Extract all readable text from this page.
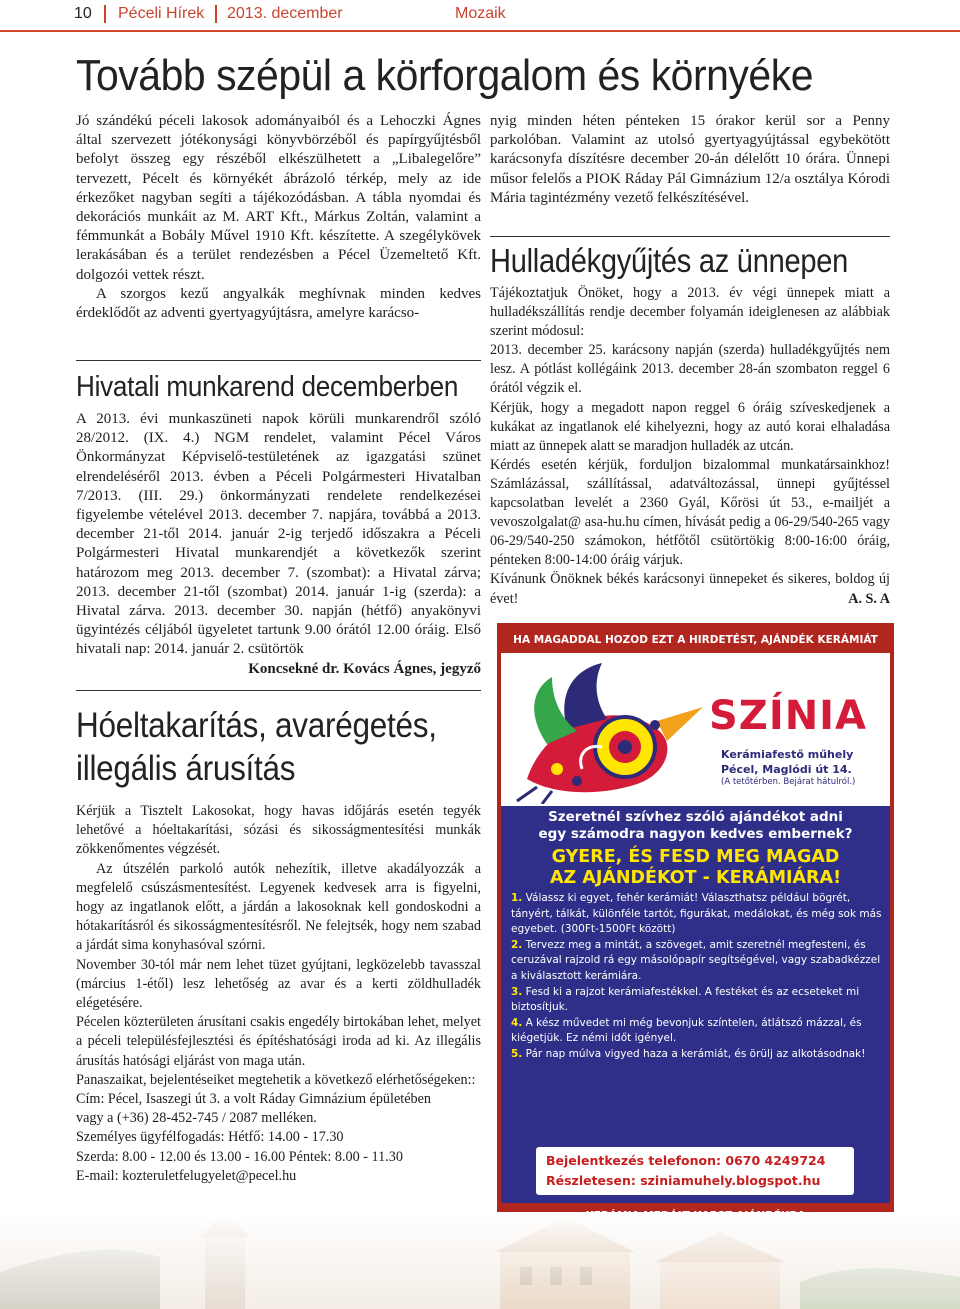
10 Péceli Hírek 2013. december	Mozaik
Tovább szépül a körforgalom és környéke

Jó szándékú péceli lakosok adományaiból és a Lehoczki Ágnes által szervezett jótékonysági könyvbörzéből és papírgyűjtésből befolyt összeg egy részéből elkészülhetett a „Libalegelőre” tervezett, Pécelt és környékét ábrázoló térkép, mely az ide érkezőket nagyban segíti a tájékozódásban. A tábla nyomdai és dekorációs munkáit az M. ART Kft., Márkus Zoltán, valamint a fémmunkát a Bobály Művel 1910 Kft. készítette. A szegélykövek lerakásában és a terület rendezésben a Pécel Üzemeltető Kft. dolgozói vettek részt.

A szorgos kezű angyalkák meghívnak minden kedves érdeklődőt az adventi gyertyagyújtásra, amelyre karácso-

nyig minden héten pénteken 15 órakor kerül sor a Penny parkolóban. Valamint az utolsó gyertyagyújtással egybekötött karácsonyfa díszítésre december 20-án délelőtt 10 órára. Ünnepi műsor felelős a PIOK Ráday Pál Gimnázium 12/a osztálya Kórodi Mária tagintézmény vezető felkészítésével.

Hivatali munkarend decemberben

A 2013. évi munkaszüneti napok körüli munkarendről szóló 28/2012. (IX. 4.) NGM rendelet, valamint Pécel Város Önkormányzat Képviselő-testületének az igazgatási szünet elrendeléséről 2013. évben a Péceli Polgármesteri Hivatalban 7/2013. (III. 29.) önkormányzati rendelete rendelkezései figyelembe vételével 2013. december 7. napjára, továbbá a 2013. december 21-től 2014. január 2-ig terjedő időszakra a Péceli Polgármesteri Hivatal munkarendjét a következők szerint határozom meg 2013. december 7. (szombat): a Hivatal zárva; 2013. december 21-től (szombat) 2014. január 1-ig (szerda): a Hivatal zárva. 2013. december 30. napján (hétfő) anyakönyvi ügyintézés céljából ügyeletet tartunk 9.00 órától 12.00 óráig. Első hivatali nap: 2014. január 2. csütörtök

Koncsekné dr. Kovács Ágnes, jegyző

Hulladékgyűjtés az ünnepen

Tájékoztatjuk Önöket, hogy a 2013. év végi ünnepek miatt a hulladékszállítás rendje december folyamán ideiglenesen az alábbiak szerint módosul:

2013. december 25. karácsony napján (szerda) hulladékgyűjtés nem lesz. A pótlást kollégáink 2013. december 28-án szombaton reggel 6 órától végzik el.

Kérjük, hogy a megadott napon reggel 6 óráig szíveskedjenek a kukákat az ingatlanok elé kihelyezni, hogy az autó korai elhaladása miatt az ünnepek alatt se maradjon hulladék az utcán.

Kérdés esetén kérjük, forduljon bizalommal munkatársainkhoz! Számlázással, szállítással, adatváltozással, ünnepi gyűjtéssel kapcsolatban levelét a 2360 Gyál, Kőrösi út 53., e-mailjét a vevoszolgalat@ asa-hu.hu címen, hívását pedig a 06-29/540-265 vagy 06-29/540-250 számokon, hétfőtől csütörtökig 8:00-16:00 óráig, pénteken 8:00-14:00 óráig várjuk.

Kívánunk Önöknek békés karácsonyi ünnepeket és sikeres, boldog új évet!	A. S. A

Hóeltakarítás, avarégetés,
illegális árusítás

Kérjük a Tisztelt Lakosokat, hogy havas időjárás esetén tegyék lehetővé a hóeltakarítási, sózási és sikosságmentesítési munkák zökkenőmentes végzését.

Az útszélén parkoló autók nehezítik, illetve akadályozzák a megfelelő csúszásmentesítést. Legyenek kedvesek arra is figyelni, hogy az ingatlanok előtt, a járdán a lakosoknak kell gondoskodni a hótakarításról és sikosságmentesítésről. Ne felejtsék, hogy nem szabad a járdát sima konyhasóval szórni.

November 30-tól már nem lehet tüzet gyújtani, legközelebb tavasszal (március 1-étől) lesz lehetőség az avar és a kerti zöldhulladék elégetésére.

Pécelen közterületen árusítani csakis engedély birtokában lehet, melyet a péceli településfejlesztési és építéshatósági iroda ad ki. Az illegális árusítás hatósági eljárást von maga után.

Panaszaikat, bejelentéseiket megtehetik a következő elérhetőségeken::

Cím: Pécel, Isaszegi út 3. a volt Ráday Gimnázium épületében

vagy a (+36) 28-452-745 / 2087 melléken.

Személyes ügyfélfogadás: Hétfő: 14.00 - 17.30

Szerda: 8.00 - 12.00 és 13.00 - 16.00 Péntek: 8.00 - 11.30

E-mail: kozteruletfelugyelet@pecel.hu

HA MAGADDAL HOZOD EZT A HIRDETÉST, AJÁNDÉK KERÁMIÁT
SZÍNIA
Kerámiafestő műhely
Pécel, Maglódi út 14.
(A tetőtérben. Bejárat hátulról.)
Szeretnél szívhez szóló ajándékot adni
egy számodra nagyon kedves embernek?
GYERE, ÉS FESD MEG MAGAD
AZ AJÁNDÉKOT - KERÁMIÁRA!
1. Válassz ki egyet, fehér kerámiát! Választhatsz például bögrét, tányért, tálkát, különféle tartót, figurákat, medálokat, és még sok más egyebet. (300Ft-1500Ft között)
2. Tervezz meg a mintát, a szöveget, amit szeretnél megfesteni, és ceruzával rajzold rá egy másolópapír segítségével, vagy szabadkézzel a kiválasztott kerámiára.
3. Fesd ki a rajzot kerámiafestékkel. A festéket és az ecseteket mi biztosítjuk.
4. A kész művedet mi még bevonjuk színtelen, átlátszó mázzal, és kiégetjük. Ez némi időt igényel.
5. Pár nap múlva vigyed haza a kerámiát, és örülj az alkotásodnak!
Bejelentkezés telefonon: 0670 4249724
Részletesen: sziniamuhely.blogspot.hu
